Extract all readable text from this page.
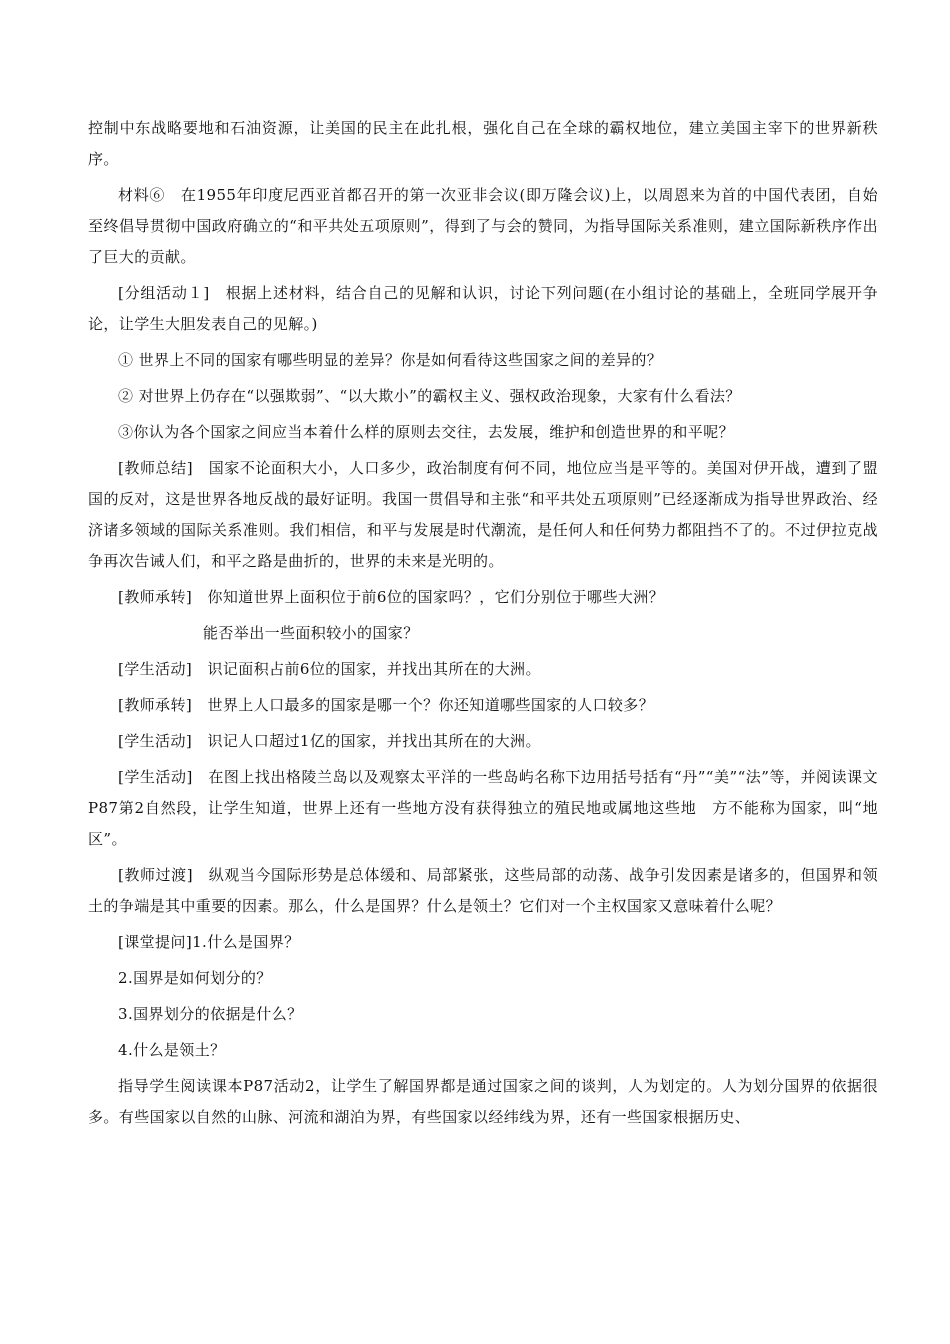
控制中东战略要地和石油资源，让美国的民主在此扎根，强化自己在全球的霸权地位，建立美国主宰下的世界新秩序。

材料⑥　在1955年印度尼西亚首都召开的第一次亚非会议(即万隆会议)上，以周恩来为首的中国代表团，自始至终倡导贯彻中国政府确立的“和平共处五项原则”，得到了与会的赞同，为指导国际关系准则，建立国际新秩序作出了巨大的贡献。

[分组活动１]　根据上述材料，结合自己的见解和认识，讨论下列问题(在小组讨论的基础上，全班同学展开争论，让学生大胆发表自己的见解。)

① 世界上不同的国家有哪些明显的差异？你是如何看待这些国家之间的差异的？

② 对世界上仍存在“以强欺弱”、“以大欺小”的霸权主义、强权政治现象，大家有什么看法？

③你认为各个国家之间应当本着什么样的原则去交往，去发展，维护和创造世界的和平呢？

[教师总结]　国家不论面积大小，人口多少，政治制度有何不同，地位应当是平等的。美国对伊开战，遭到了盟国的反对，这是世界各地反战的最好证明。我国一贯倡导和主张“和平共处五项原则”已经逐渐成为指导世界政治、经济诸多领域的国际关系准则。我们相信，和平与发展是时代潮流，是任何人和任何势力都阻挡不了的。不过伊拉克战争再次告诫人们，和平之路是曲折的，世界的未来是光明的。

[教师承转]　你知道世界上面积位于前6位的国家吗？，它们分别位于哪些大洲？

能否举出一些面积较小的国家？

[学生活动]　识记面积占前6位的国家，并找出其所在的大洲。

[教师承转]　世界上人口最多的国家是哪一个？你还知道哪些国家的人口较多？

[学生活动]　识记人口超过1亿的国家，并找出其所在的大洲。

[学生活动]　在图上找出格陵兰岛以及观察太平洋的一些岛屿名称下边用括号括有“丹”“美”“法”等，并阅读课文P87第2自然段，让学生知道，世界上还有一些地方没有获得独立的殖民地或属地这些地　方不能称为国家，叫“地区”。

[教师过渡]　纵观当今国际形势是总体缓和、局部紧张，这些局部的动荡、战争引发因素是诸多的，但国界和领土的争端是其中重要的因素。那么，什么是国界？什么是领土？它们对一个主权国家又意味着什么呢？

[课堂提问]1.什么是国界？

2.国界是如何划分的？

3.国界划分的依据是什么？

4.什么是领土？

指导学生阅读课本P87活动2，让学生了解国界都是通过国家之间的谈判，人为划定的。人为划分国界的依据很多。有些国家以自然的山脉、河流和湖泊为界，有些国家以经纬线为界，还有一些国家根据历史、
